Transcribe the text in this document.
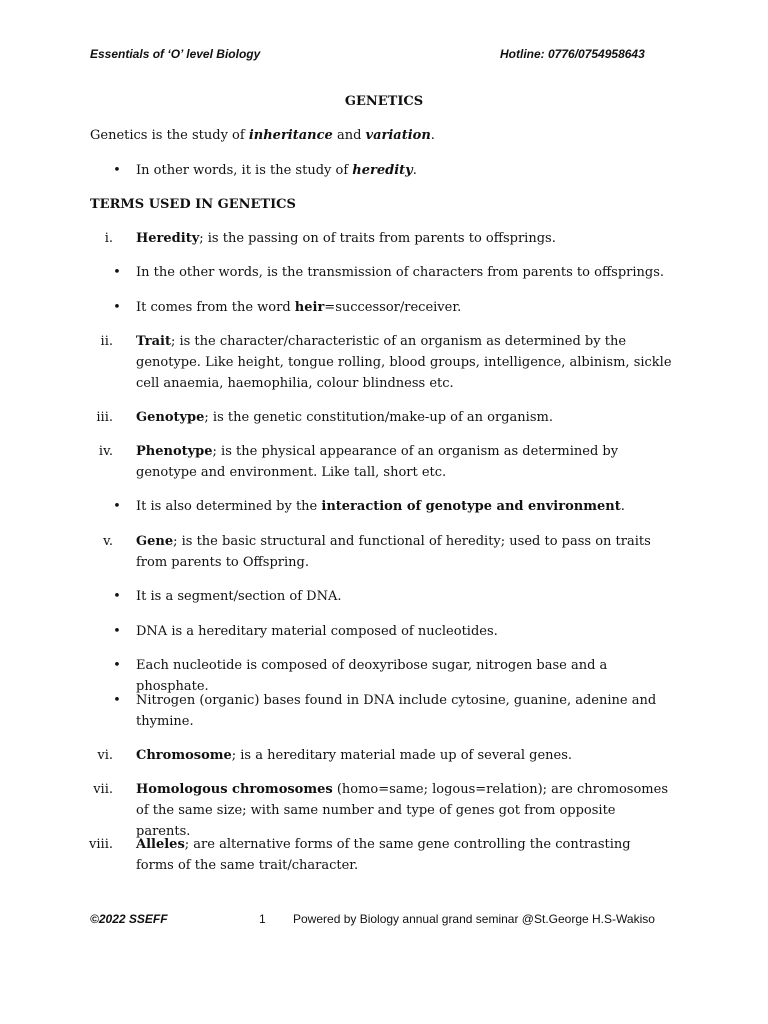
Essentials of ‘O’ level Biology	Hotline: 0776/0754958643
GENETICS
Genetics is the study of inheritance and variation.
• In other words, it is the study of heredity.
TERMS USED IN GENETICS
i. Heredity; is the passing on of traits from parents to offsprings.
• In the other words, is the transmission of characters from parents to offsprings.
• It comes from the word heir=successor/receiver.
ii. Trait; is the character/characteristic of an organism as determined by the genotype. Like height, tongue rolling, blood groups, intelligence, albinism, sickle cell anaemia, haemophilia, colour blindness etc.
iii. Genotype; is the genetic constitution/make-up of an organism.
iv. Phenotype; is the physical appearance of an organism as determined by genotype and environment. Like tall, short etc.
• It is also determined by the interaction of genotype and environment.
v. Gene; is the basic structural and functional of heredity; used to pass on traits from parents to Offspring.
• It is a segment/section of DNA.
• DNA is a hereditary material composed of nucleotides.
• Each nucleotide is composed of deoxyribose sugar, nitrogen base and a phosphate.
• Nitrogen (organic) bases found in DNA include cytosine, guanine, adenine and thymine.
vi. Chromosome; is a hereditary material made up of several genes.
vii. Homologous chromosomes (homo=same; logous=relation); are chromosomes of the same size; with same number and type of genes got from opposite parents.
viii. Alleles; are alternative forms of the same gene controlling the contrasting forms of the same trait/character.
©2022 SSEFF	1 Powered by Biology annual grand seminar @St.George H.S-Wakiso
